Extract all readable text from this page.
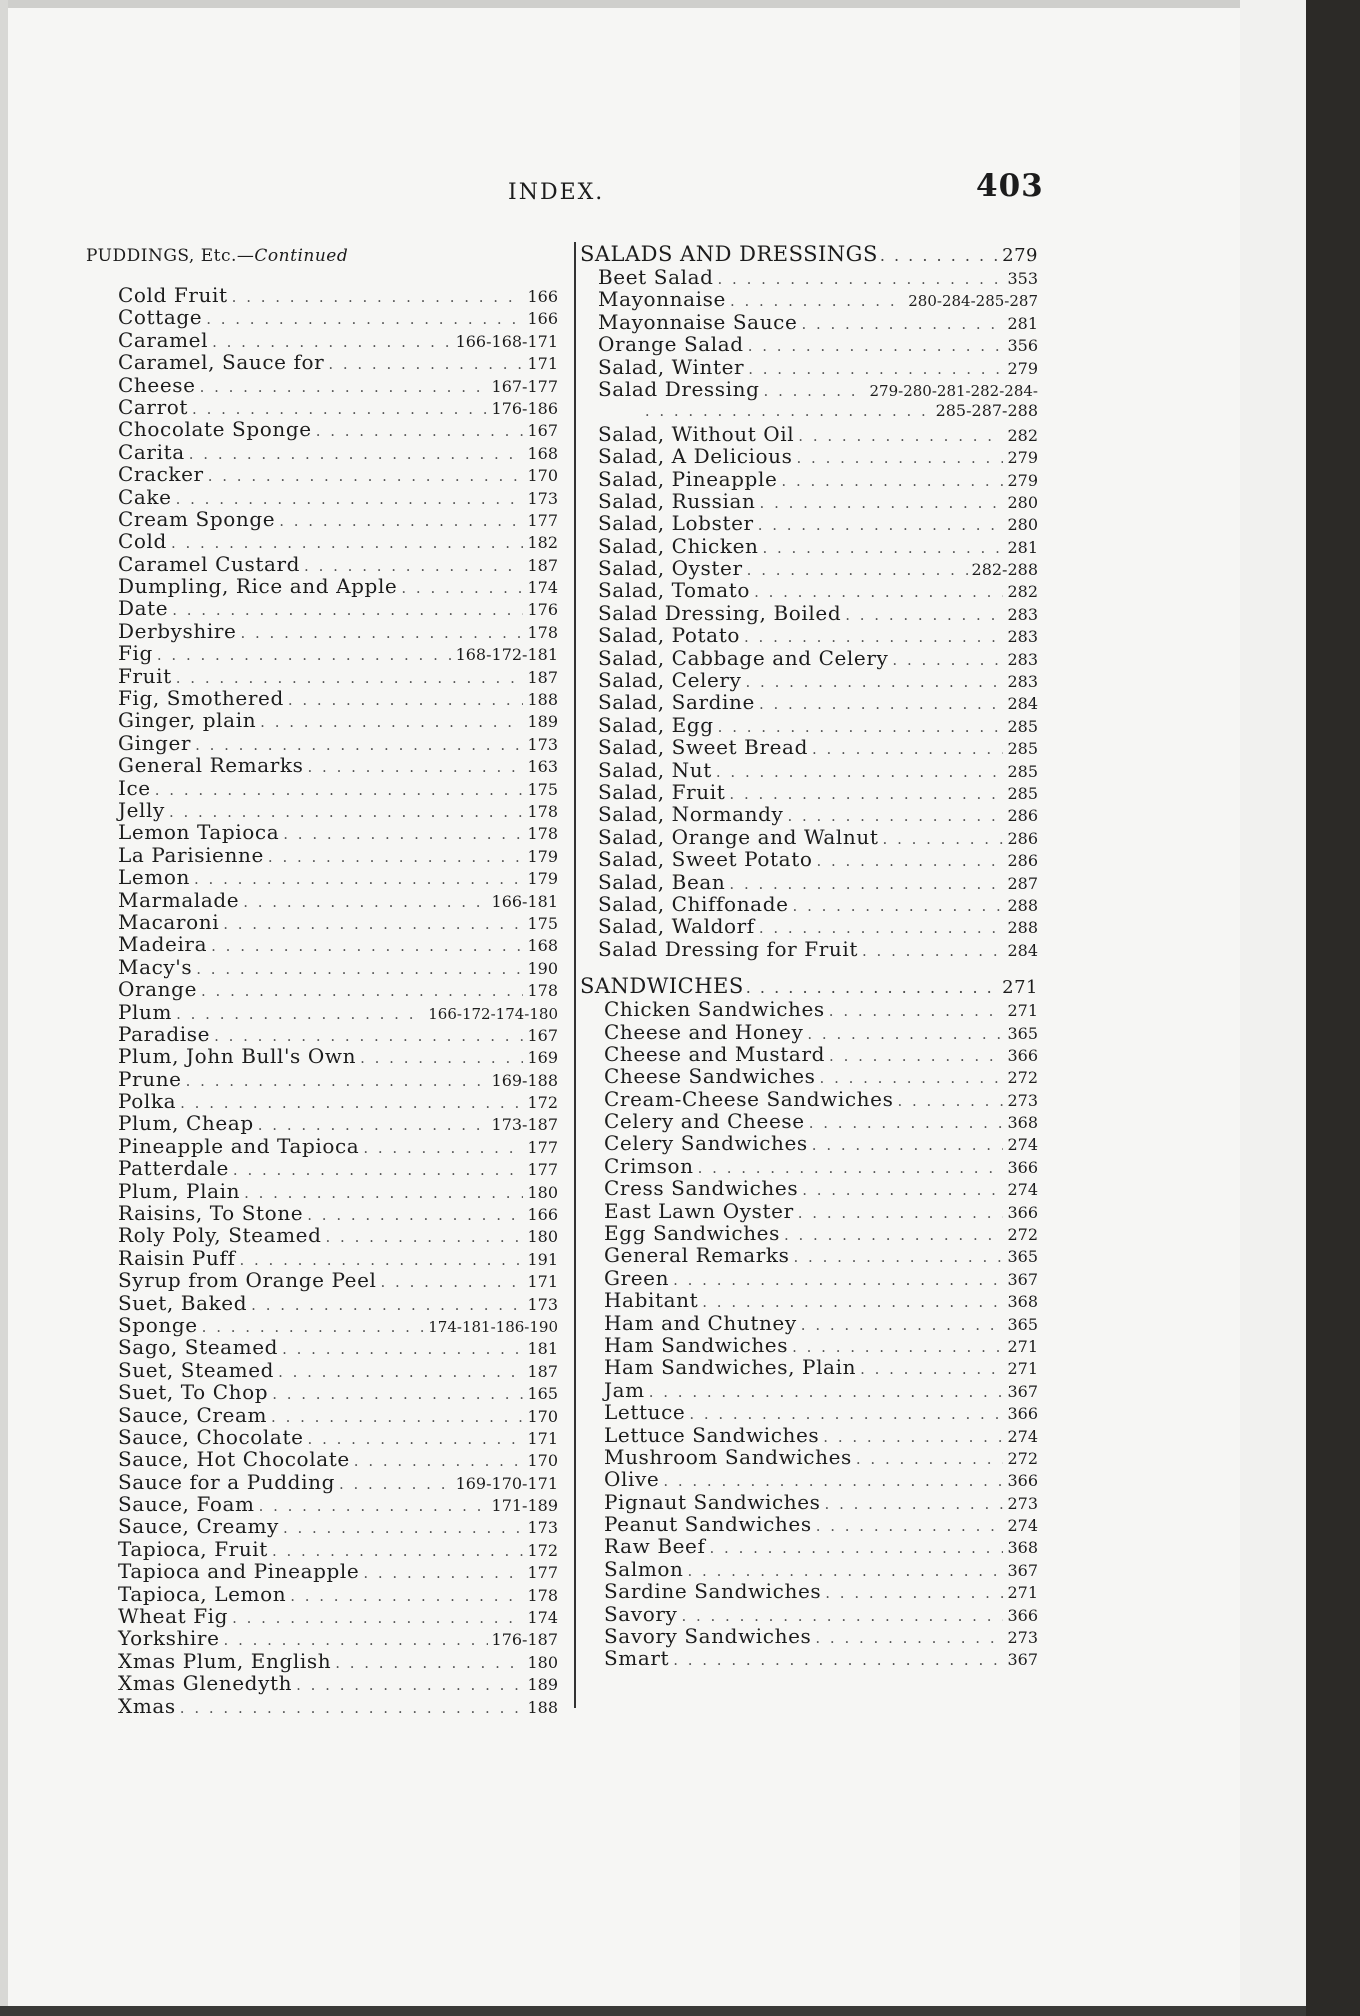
INDEX.	403
PUDDINGS, Etc.—Continued
Cold Fruit . . .	166
Cottage . . .	166
Caramel . . .	166-168-171
Caramel, Sauce for . . .	171
Cheese . . .	167-177
Carrot . . .	176-186
Chocolate Sponge . . .	167
Carita . . .	168
Cracker . . .	170
Cake . . .	173
Cream Sponge . . .	177
Cold . . .	182
Caramel Custard . . .	187
Dumpling, Rice and Apple . . .	174
Date . . .	176
Derbyshire . . .	178
Fig . . .	168-172-181
Fruit . . .	187
Fig, Smothered . . .	188
Ginger, plain . . .	189
Ginger . . .	173
General Remarks . . .	163
Ice . . .	175
Jelly . . .	178
Lemon Tapioca . . .	178
La Parisienne . . .	179
Lemon . . .	179
Marmalade . . .	166-181
Macaroni . . .	175
Madeira . . .	168
Macy's . . .	190
Orange . . .	178
Plum . . .	166-172-174-180
Paradise . . .	167
Plum, John Bull's Own . . .	169
Prune . . .	169-188
Polka . . .	172
Plum, Cheap . . .	173-187
Pineapple and Tapioca . . .	177
Patterdale . . .	177
Plum, Plain . . .	180
Raisins, To Stone . . .	166
Roly Poly, Steamed . . .	180
Raisin Puff . . .	191
Syrup from Orange Peel . . .	171
Suet, Baked . . .	173
Sponge . . .	174-181-186-190
Sago, Steamed . . .	181
Suet, Steamed . . .	187
Suet, To Chop . . .	165
Sauce, Cream . . .	170
Sauce, Chocolate . . .	171
Sauce, Hot Chocolate . . .	170
Sauce for a Pudding . . .	169-170-171
Sauce, Foam . . .	171-189
Sauce, Creamy . . .	173
Tapioca, Fruit . . .	172
Tapioca and Pineapple . . .	177
Tapioca, Lemon . . .	178
Wheat Fig . . .	174
Yorkshire . . .	176-187
Xmas Plum, English . . .	180
Xmas Glenedyth . . .	189
Xmas . . .	188
SALADS AND DRESSINGS . . .	279
Beet Salad . . .	353
Mayonnaise . . .	280-284-285-287
Mayonnaise Sauce . . .	281
Orange Salad . . .	356
Salad, Winter . . .	279
Salad Dressing . . .	279-280-281-282-284-
. . . . . . . . . . . . . . . . . . . . 285-287-288
Salad, Without Oil . . .	282
Salad, A Delicious . . .	279
Salad, Pineapple . . .	279
Salad, Russian . . .	280
Salad, Lobster . . .	280
Salad, Chicken . . .	281
Salad, Oyster . . .	282-288
Salad, Tomato . . .	282
Salad Dressing, Boiled . . .	283
Salad, Potato . . .	283
Salad, Cabbage and Celery . . .	283
Salad, Celery . . .	283
Salad, Sardine . . .	284
Salad, Egg . . .	285
Salad, Sweet Bread . . .	285
Salad, Nut . . .	285
Salad, Fruit . . .	285
Salad, Normandy . . .	286
Salad, Orange and Walnut . . .	286
Salad, Sweet Potato . . .	286
Salad, Bean . . .	287
Salad, Chiffonade . . .	288
Salad, Waldorf . . .	288
Salad Dressing for Fruit . . .	284
SANDWICHES . . .	271
Chicken Sandwiches . . .	271
Cheese and Honey . . .	365
Cheese and Mustard . . .	366
Cheese Sandwiches . . .	272
Cream-Cheese Sandwiches . . .	273
Celery and Cheese . . .	368
Celery Sandwiches . . .	274
Crimson . . .	366
Cress Sandwiches . . .	274
East Lawn Oyster . . .	366
Egg Sandwiches . . .	272
General Remarks . . .	365
Green . . .	367
Habitant . . .	368
Ham and Chutney . . .	365
Ham Sandwiches . . .	271
Ham Sandwiches, Plain . . .	271
Jam . . .	367
Lettuce . . .	366
Lettuce Sandwiches . . .	274
Mushroom Sandwiches . . .	272
Olive . . .	366
Pignaut Sandwiches . . .	273
Peanut Sandwiches . . .	274
Raw Beef . . .	368
Salmon . . .	367
Sardine Sandwiches . . .	271
Savory . . .	366
Savory Sandwiches . . .	273
Smart . . .	367
